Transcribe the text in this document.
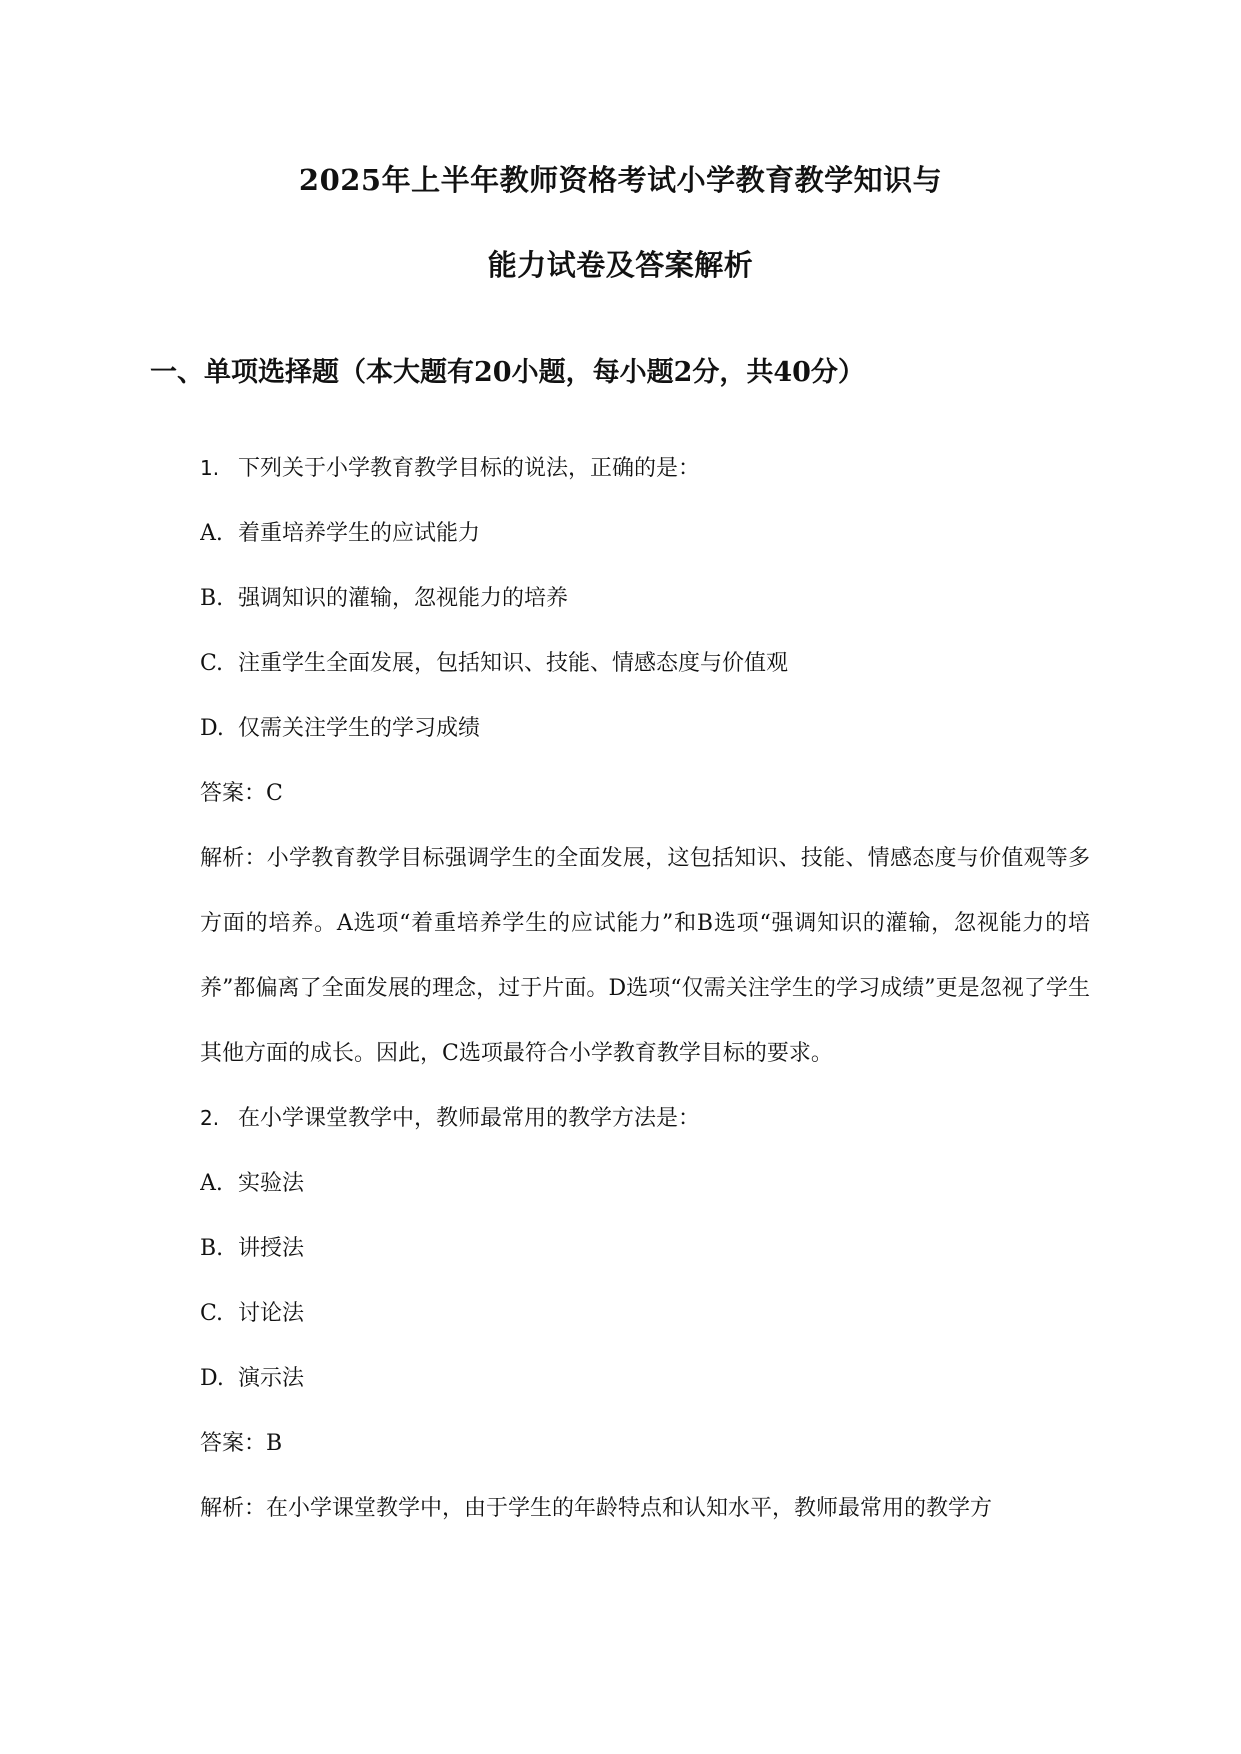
2025年上半年教师资格考试小学教育教学知识与
能力试卷及答案解析
一、单项选择题（本大题有20小题，每小题2分，共40分）
1. 下列关于小学教育教学目标的说法，正确的是：
A. 着重培养学生的应试能力
B. 强调知识的灌输，忽视能力的培养
C. 注重学生全面发展，包括知识、技能、情感态度与价值观
D. 仅需关注学生的学习成绩
答案：C

解析：小学教育教学目标强调学生的全面发展，这包括知识、技能、情感态度与价值观等多方面的培养。A选项“着重培养学生的应试能力”和B选项“强调知识的灌输，忽视能力的培养”都偏离了全面发展的理念，过于片面。D选项“仅需关注学生的学习成绩”更是忽视了学生其他方面的成长。因此，C选项最符合小学教育教学目标的要求。

2. 在小学课堂教学中，教师最常用的教学方法是：
A. 实验法
B. 讲授法
C. 讨论法
D. 演示法
答案：B
解析：在小学课堂教学中，由于学生的年龄特点和认知水平，教师最常用的教学方
